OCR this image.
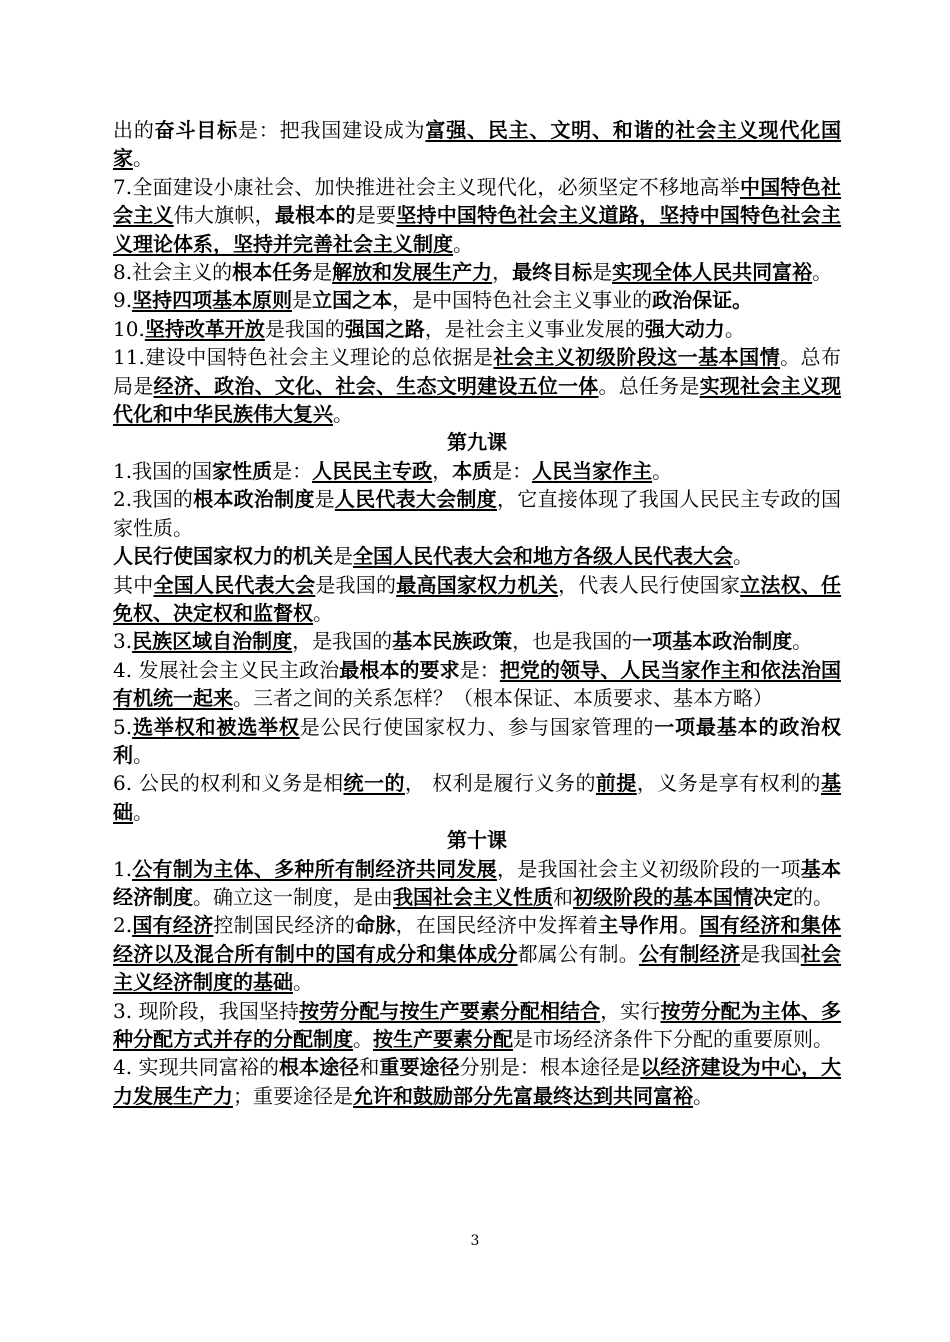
出的奋斗目标是：把我国建设成为富强、民主、文明、和谐的社会主义现代化国家。

7.全面建设小康社会、加快推进社会主义现代化，必须坚定不移地高举中国特色社会主义伟大旗帜，最根本的是要坚持中国特色社会主义道路，坚持中国特色社会主义理论体系，坚持并完善社会主义制度。

8.社会主义的根本任务是解放和发展生产力，最终目标是实现全体人民共同富裕。

9.坚持四项基本原则是立国之本，是中国特色社会主义事业的政治保证。

10.坚持改革开放是我国的强国之路，是社会主义事业发展的强大动力。

11.建设中国特色社会主义理论的总依据是社会主义初级阶段这一基本国情。总布局是经济、政治、文化、社会、生态文明建设五位一体。总任务是实现社会主义现代化和中华民族伟大复兴。

第九课

1.我国的国家性质是：人民民主专政，本质是：人民当家作主。

2.我国的根本政治制度是人民代表大会制度，它直接体现了我国人民民主专政的国家性质。

人民行使国家权力的机关是全国人民代表大会和地方各级人民代表大会。

其中全国人民代表大会是我国的最高国家权力机关，代表人民行使国家立法权、任免权、决定权和监督权。

3.民族区域自治制度，是我国的基本民族政策，也是我国的一项基本政治制度。

4. 发展社会主义民主政治最根本的要求是：把党的领导、人民当家作主和依法治国有机统一起来。三者之间的关系怎样？（根本保证、本质要求、基本方略）

5.选举权和被选举权是公民行使国家权力、参与国家管理的一项最基本的政治权利。

6. 公民的权利和义务是相统一的， 权利是履行义务的前提，义务是享有权利的基础。

第十课

1.公有制为主体、多种所有制经济共同发展，是我国社会主义初级阶段的一项基本经济制度。确立这一制度，是由我国社会主义性质和初级阶段的基本国情决定的。

2.国有经济控制国民经济的命脉，在国民经济中发挥着主导作用。国有经济和集体经济以及混合所有制中的国有成分和集体成分都属公有制。公有制经济是我国社会主义经济制度的基础。

3. 现阶段，我国坚持按劳分配与按生产要素分配相结合，实行按劳分配为主体、多种分配方式并存的分配制度。按生产要素分配是市场经济条件下分配的重要原则。

4. 实现共同富裕的根本途径和重要途径分别是：根本途径是以经济建设为中心，大力发展生产力；重要途径是允许和鼓励部分先富最终达到共同富裕。

3
